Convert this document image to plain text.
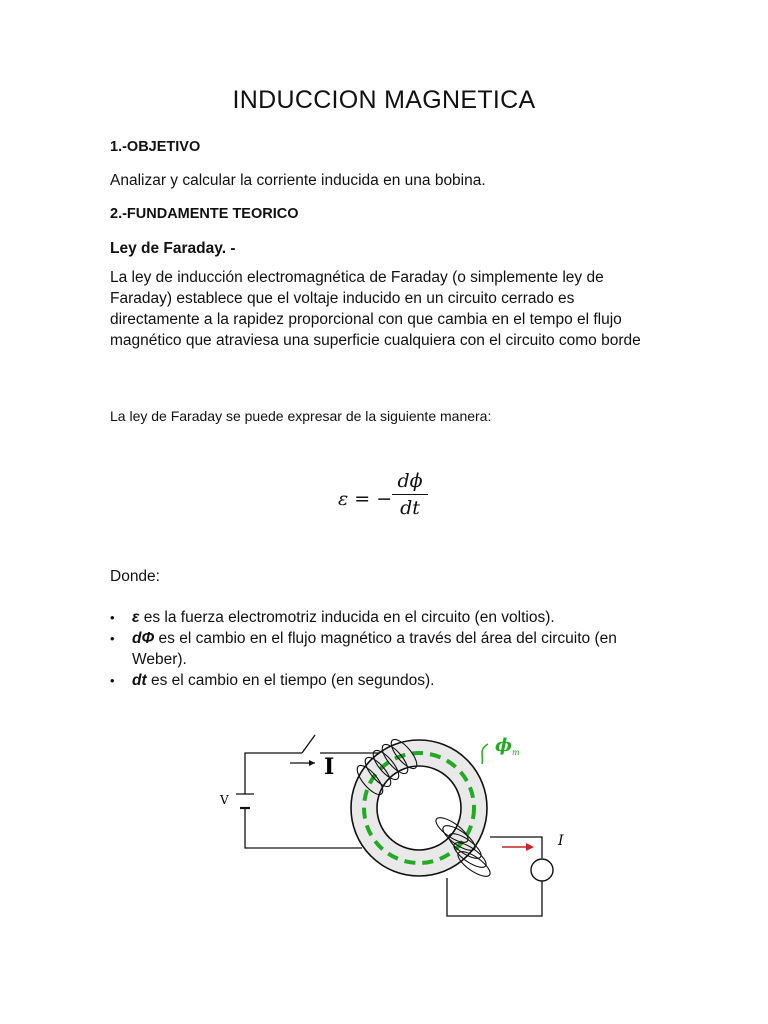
INDUCCION MAGNETICA
1.-OBJETIVO
Analizar y calcular la corriente inducida en una bobina.
2.-FUNDAMENTE TEORICO
Ley de Faraday. -
La ley de inducción electromagnética de Faraday (o simplemente ley de Faraday) establece que el voltaje inducido en un circuito cerrado es directamente a la rapidez proporcional con que cambia en el tempo el flujo magnético que atraviesa una superficie cualquiera con el circuito como borde
La ley de Faraday se puede expresar de la siguiente manera:
ε = −
dϕ
dt
Donde:
• ε es la fuerza electromotriz inducida en el circuito (en voltios).
• dΦ es el cambio en el flujo magnético a través del área del circuito (en Weber).
• dt es el cambio en el tiempo (en segundos).
V
I
ϕ m
I
